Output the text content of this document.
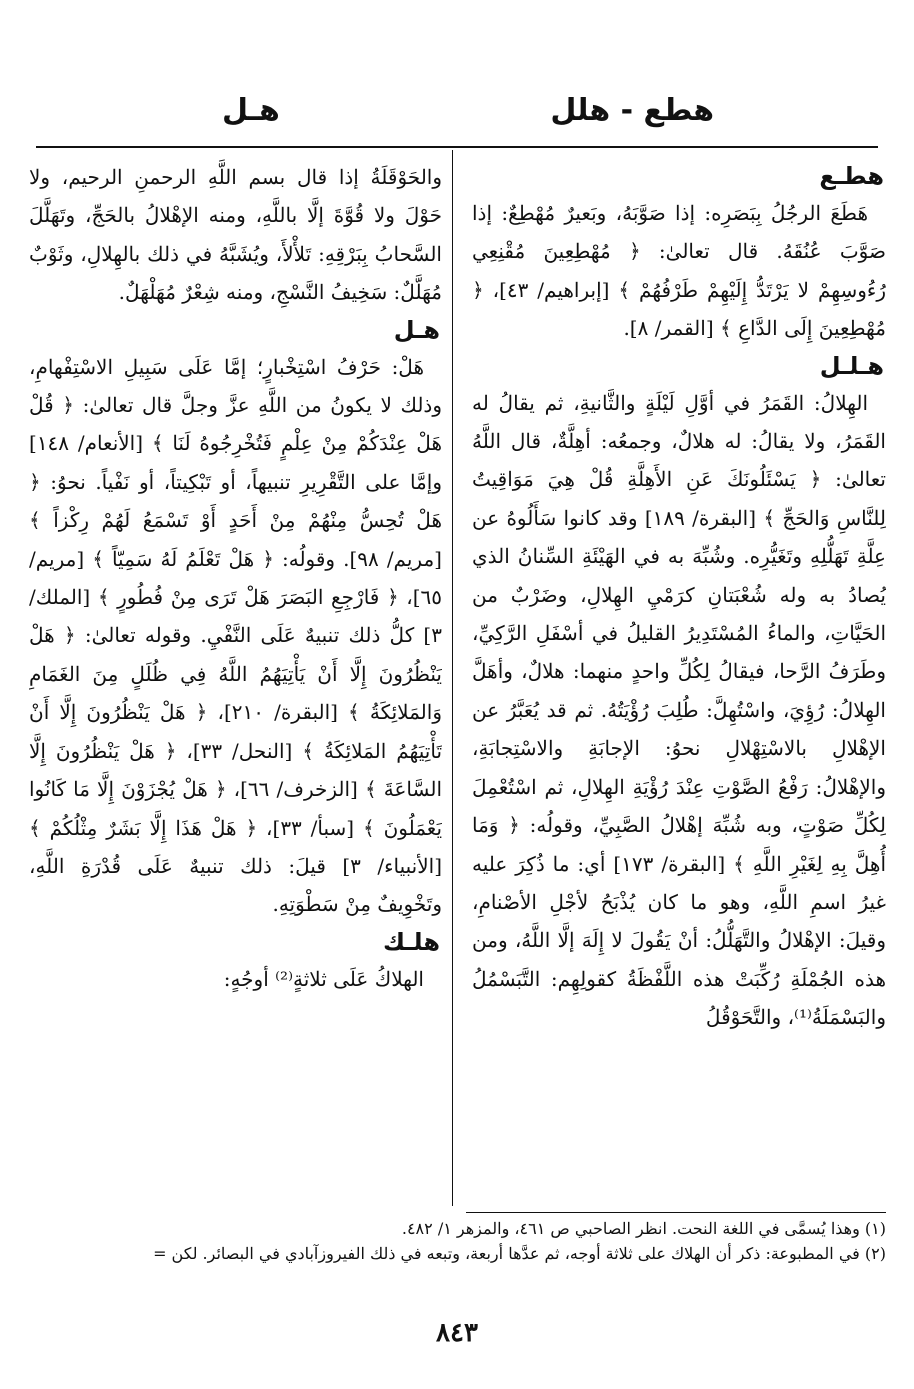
هطع - هلل
هـل
هطـع

هَطَعَ الرجُلُ بِبَصَرِه: إذا صَوَّبَهُ، وبَعيرٌ مُهْطِعٌ: إذا صَوَّبَ عُنُقَهُ. قال تعالىٰ: ﴿ مُهْطِعِينَ مُقْنِعِي رُءُوسِهِمْ لا يَرْتَدُّ إِلَيْهِمْ طَرْفُهُمْ ﴾ [إبراهيم/ ٤٣]، ﴿ مُهْطِعِينَ إِلَى الدَّاعِ ﴾ [القمر/ ٨].

هـلـل

الهِلالُ: القَمَرُ في أوَّلِ لَيْلَةٍ والثَّانيةِ، ثم يقالُ له القَمَرُ، ولا يقالُ: له هلالٌ، وجمعُه: أهِلَّةٌ، قال اللَّهُ تعالىٰ: ﴿ يَسْئَلُونَكَ عَنِ الأَهِلَّةِ قُلْ هِيَ مَوَاقِيتُ لِلنَّاسِ وَالحَجِّ ﴾ [البقرة/ ١٨٩] وقد كانوا سَأَلُوهُ عن عِلَّةِ تَهَلُّلِهِ وتَغَيُّرِه. وشُبِّهَ به في الهَيْئَةِ السِّنانُ الذي يُصادُ به وله شُعْبَتانِ كرَمْيِ الهِلالِ، وضَرْبٌ من الحَيَّاتِ، والماءُ المُسْتَدِيرُ القليلُ في أسْفَلِ الرَّكِيِّ، وطَرَفُ الرَّحا، فيقالُ لِكُلِّ واحدٍ منهما: هلالٌ، وأهَلَّ الهِلالُ: رُؤِيَ، واسْتُهِلَّ: طُلِبَ رُؤْيَتُهُ. ثم قد يُعَبَّرُ عن الإهْلالِ بالاسْتِهْلالِ نحوُ: الإجابَةِ والاسْتِجابَةِ، والإهْلالُ: رَفْعُ الصَّوْتِ عِنْدَ رُؤْيَةِ الهِلالِ، ثم اسْتُعْمِلَ لِكُلِّ صَوْتٍ، وبه شُبِّهَ إهْلالُ الصَّبِيِّ، وقولُه: ﴿ وَمَا أُهِلَّ بِهِ لِغَيْرِ اللَّهِ ﴾ [البقرة/ ١٧٣] أي: ما ذُكِرَ عليه غيرُ اسمِ اللَّهِ، وهو ما كان يُذْبَحُ لأجْلِ الأصْنامِ، وقيلَ: الإهْلالُ والتَّهَلُّلُ: أنْ يَقُولَ لا إِلَهَ إلَّا اللَّهُ، ومن هذه الجُمْلَةِ رُكِّبَتْ هذه اللَّفْظَةُ كقولِهِم: التَّبَسْمُلُ والبَسْمَلَةُ⁽¹⁾، والتَّحَوْقُلُ

والحَوْقَلَةُ إذا قال بسم اللَّهِ الرحمنِ الرحيم، ولا حَوْلَ ولا قُوَّةَ إلَّا باللَّهِ، ومنه الإهْلالُ بالحَجِّ، وتَهَلَّلَ السَّحابُ بِبَرْقِهِ: تَلأْلأَ، ويُشَبَّهُ في ذلك بالهِلالِ، وثَوْبٌ مُهَلَّلٌ: سَخِيفُ النَّسْجِ، ومنه شِعْرٌ مُهَلْهَلٌ.

هـل

هَلْ: حَرْفُ اسْتِخْبارٍ؛ إمَّا عَلَى سَبِيلِ الاسْتِفْهامِ، وذلك لا يكونُ من اللَّهِ عزَّ وجلَّ قال تعالىٰ: ﴿ قُلْ هَلْ عِنْدَكُمْ مِنْ عِلْمٍ فَتُخْرِجُوهُ لَنَا ﴾ [الأنعام/ ١٤٨] وإمَّا على التَّقْرِيرِ تنبيهاً، أو تَبْكِيتاً، أو نَفْياً. نحوُ: ﴿ هَلْ تُحِسُّ مِنْهُمْ مِنْ أَحَدٍ أَوْ تَسْمَعُ لَهُمْ رِكْزاً ﴾ [مريم/ ٩٨]. وقولُه: ﴿ هَلْ تَعْلَمُ لَهُ سَمِيّاً ﴾ [مريم/ ٦٥]، ﴿ فَارْجِعِ البَصَرَ هَلْ تَرَى مِنْ فُطُورٍ ﴾ [الملك/ ٣] كلُّ ذلك تنبيهٌ عَلَى النَّفْيِ. وقوله تعالىٰ: ﴿ هَلْ يَنْظُرُونَ إِلَّا أَنْ يَأْتِيَهُمُ اللَّهُ فِي ظُلَلٍ مِنَ الغَمَامِ وَالمَلائِكَةُ ﴾ [البقرة/ ٢١٠]، ﴿ هَلْ يَنْظُرُونَ إِلَّا أَنْ تَأْتِيَهُمُ المَلائِكَةُ ﴾ [النحل/ ٣٣]، ﴿ هَلْ يَنْظُرُونَ إِلَّا السَّاعَةَ ﴾ [الزخرف/ ٦٦]، ﴿ هَلْ يُجْزَوْنَ إِلَّا مَا كَانُوا يَعْمَلُونَ ﴾ [سبأ/ ٣٣]، ﴿ هَلْ هَذَا إِلَّا بَشَرٌ مِثْلُكُمْ ﴾ [الأنبياء/ ٣] قيلَ: ذلك تنبيهٌ عَلَى قُدْرَةِ اللَّهِ، وتَخْوِيفٌ مِنْ سَطْوَتِهِ.

هلـك

الهلاكُ عَلَى ثلاثةٍ⁽²⁾ أوجُهٍ:

(١) وهذا يُسمَّى في اللغة النحت. انظر الصاحبي ص ٤٦١، والمزهر ١/ ٤٨٢.
(٢) في المطبوعة: ذكر أن الهلاك على ثلاثة أوجه، ثم عدَّها أربعة، وتبعه في ذلك الفيروزآبادي في البصائر. لكن =
٨٤٣
